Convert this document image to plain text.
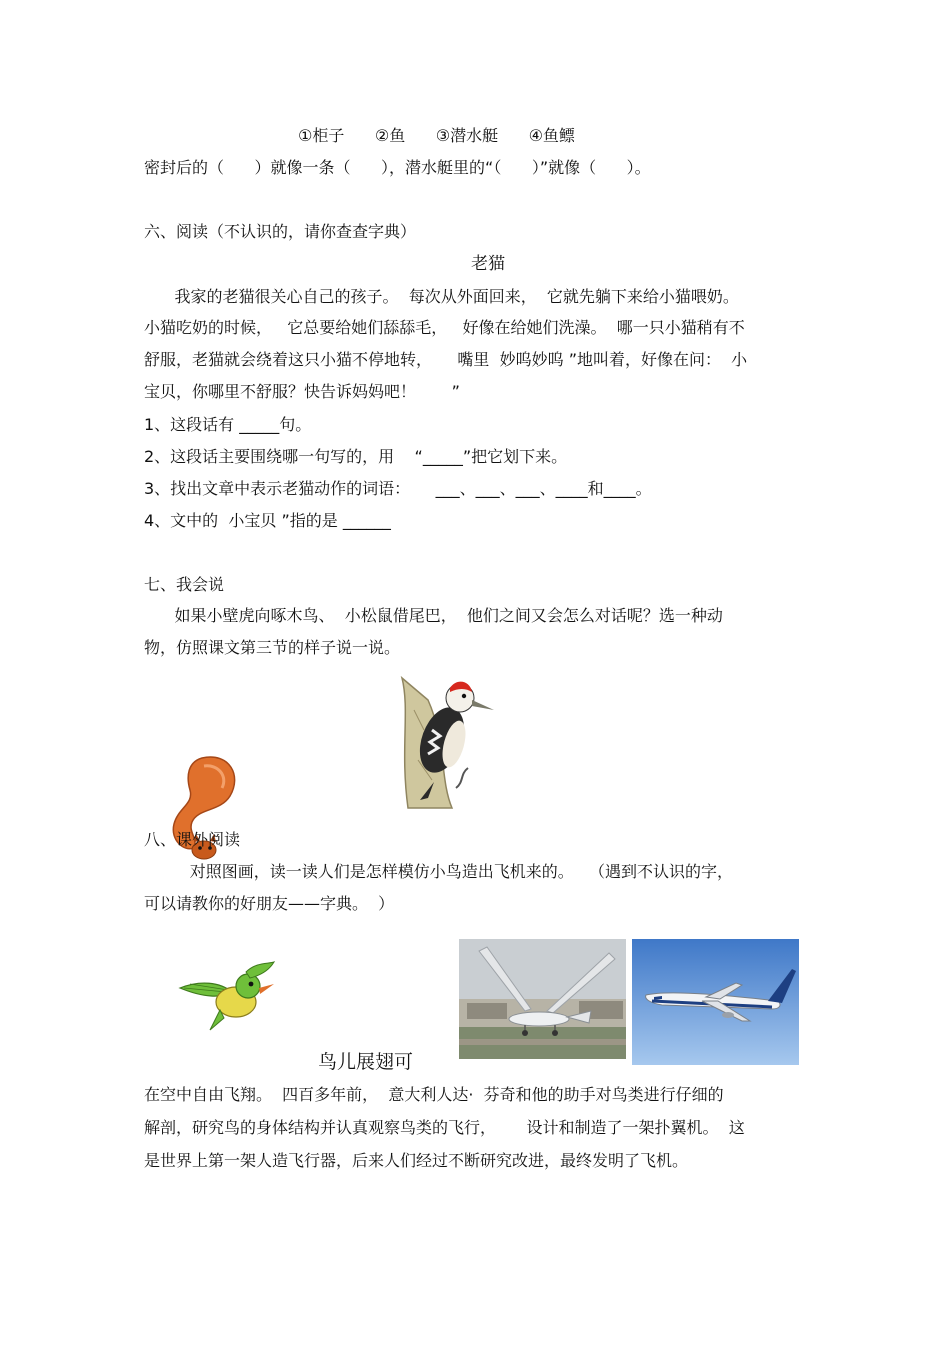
①柜子      ②鱼      ③潜水艇      ④鱼鳔
密封后的（      ）就像一条（      ），潜水艇里的“（      ）”就像（      ）。
六、阅读（不认识的，请你查查字典）
老猫
我家的老猫很关心自己的孩子。  每次从外面回来，  它就先躺下来给小猫喂奶。
小猫吃奶的时候，   它总要给她们舔舔毛，   好像在给她们洗澡。  哪一只小猫稍有不
舒服，老猫就会绕着这只小猫不停地转，     嘴里  妙呜妙呜 ”地叫着，好像在问：  小
宝贝，你哪里不舒服？快告诉妈妈吧！       ”
1、这段话有 _____句。
2、这段话主要围绕哪一句写的，用    “_____”把它划下来。
3、找出文章中表示老猫动作的词语：     ___、___、___、____和____。
4、文中的  小宝贝 ”指的是 ______
七、我会说
如果小壁虎向啄木鸟、  小松鼠借尾巴，  他们之间又会怎么对话呢？选一种动
物，仿照课文第三节的样子说一说。
八、课外阅读
对照图画，读一读人们是怎样模仿小鸟造出飞机来的。   （遇到不认识的字，
可以请教你的好朋友——字典。  ）
鸟儿展翅可
在空中自由飞翔。  四百多年前，  意大利人达·  芬奇和他的助手对鸟类进行仔细的
解剖，研究鸟的身体结构并认真观察鸟类的飞行，      设计和制造了一架扑翼机。  这
是世界上第一架人造飞行器，后来人们经过不断研究改进，最终发明了飞机。
